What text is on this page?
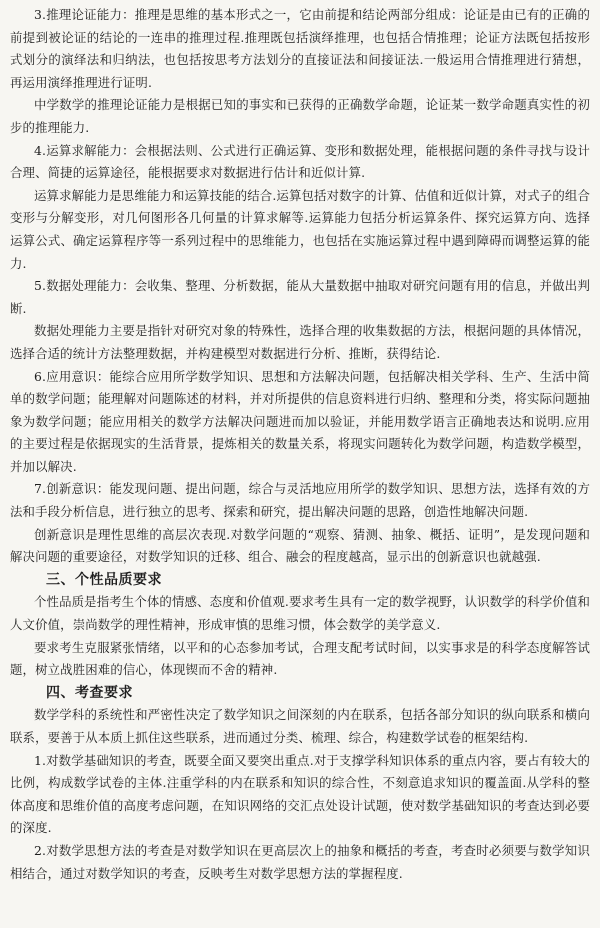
3.推理论证能力：推理是思维的基本形式之一，它由前提和结论两部分组成：论证是由已有的正确的前提到被论证的结论的一连串的推理过程.推理既包括演绎推理，也包括合情推理；论证方法既包括按形式划分的演绎法和归纳法，也包括按思考方法划分的直接证法和间接证法.一般运用合情推理进行猜想，再运用演绎推理进行证明.

中学数学的推理论证能力是根据已知的事实和已获得的正确数学命题，论证某一数学命题真实性的初步的推理能力.

4.运算求解能力：会根据法则、公式进行正确运算、变形和数据处理，能根据问题的条件寻找与设计合理、简捷的运算途径，能根据要求对数据进行估计和近似计算.

运算求解能力是思维能力和运算技能的结合.运算包括对数字的计算、估值和近似计算，对式子的组合变形与分解变形，对几何图形各几何量的计算求解等.运算能力包括分析运算条件、探究运算方向、选择运算公式、确定运算程序等一系列过程中的思维能力，也包括在实施运算过程中遇到障碍而调整运算的能力.

5.数据处理能力：会收集、整理、分析数据，能从大量数据中抽取对研究问题有用的信息，并做出判断.

数据处理能力主要是指针对研究对象的特殊性，选择合理的收集数据的方法，根据问题的具体情况，选择合适的统计方法整理数据，并构建模型对数据进行分析、推断，获得结论.

6.应用意识：能综合应用所学数学知识、思想和方法解决问题，包括解决相关学科、生产、生活中简单的数学问题；能理解对问题陈述的材料，并对所提供的信息资料进行归纳、整理和分类，将实际问题抽象为数学问题；能应用相关的数学方法解决问题进而加以验证，并能用数学语言正确地表达和说明.应用的主要过程是依据现实的生活背景，提炼相关的数量关系，将现实问题转化为数学问题，构造数学模型，并加以解决.

7.创新意识：能发现问题、提出问题，综合与灵活地应用所学的数学知识、思想方法，选择有效的方法和手段分析信息，进行独立的思考、探索和研究，提出解决问题的思路，创造性地解决问题.

创新意识是理性思维的高层次表现.对数学问题的“观察、猜测、抽象、概括、证明”，是发现问题和解决问题的重要途径，对数学知识的迁移、组合、融会的程度越高，显示出的创新意识也就越强.

三、个性品质要求

个性品质是指考生个体的情感、态度和价值观.要求考生具有一定的数学视野，认识数学的科学价值和人文价值，崇尚数学的理性精神，形成审慎的思维习惯，体会数学的美学意义.

要求考生克服紧张情绪，以平和的心态参加考试，合理支配考试时间，以实事求是的科学态度解答试题，树立战胜困难的信心，体现锲而不舍的精神.

四、考查要求

数学学科的系统性和严密性决定了数学知识之间深刻的内在联系，包括各部分知识的纵向联系和横向联系，要善于从本质上抓住这些联系，进而通过分类、梳理、综合，构建数学试卷的框架结构.

1.对数学基础知识的考查，既要全面又要突出重点.对于支撑学科知识体系的重点内容，要占有较大的比例，构成数学试卷的主体.注重学科的内在联系和知识的综合性，不刻意追求知识的覆盖面.从学科的整体高度和思维价值的高度考虑问题，在知识网络的交汇点处设计试题，使对数学基础知识的考查达到必要的深度.

2.对数学思想方法的考查是对数学知识在更高层次上的抽象和概括的考查，考查时必须要与数学知识相结合，通过对数学知识的考查，反映考生对数学思想方法的掌握程度.
